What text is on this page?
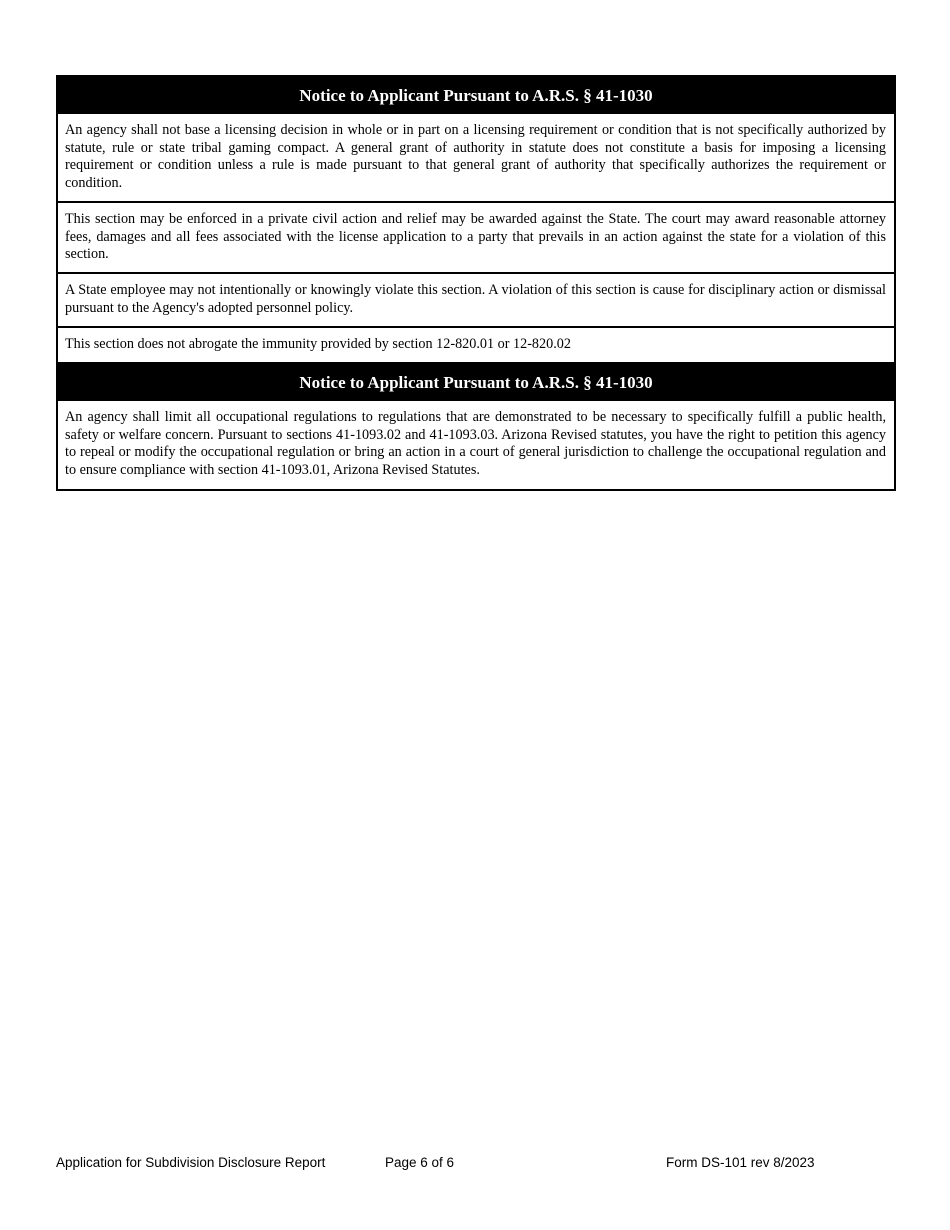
Notice to Applicant Pursuant to A.R.S. § 41-1030
An agency shall not base a licensing decision in whole or in part on a licensing requirement or condition that is not specifically authorized by statute, rule or state tribal gaming compact. A general grant of authority in statute does not constitute a basis for imposing a licensing requirement or condition unless a rule is made pursuant to that general grant of authority that specifically authorizes the requirement or condition.
This section may be enforced in a private civil action and relief may be awarded against the State. The court may award reasonable attorney fees, damages and all fees associated with the license application to a party that prevails in an action against the state for a violation of this section.
A State employee may not intentionally or knowingly violate this section. A violation of this section is cause for disciplinary action or dismissal pursuant to the Agency's adopted personnel policy.
This section does not abrogate the immunity provided by section 12-820.01 or 12-820.02
Notice to Applicant Pursuant to A.R.S. § 41-1030
An agency shall limit all occupational regulations to regulations that are demonstrated to be necessary to specifically fulfill a public health, safety or welfare concern. Pursuant to sections 41-1093.02 and 41-1093.03. Arizona Revised statutes, you have the right to petition this agency to repeal or modify the occupational regulation or bring an action in a court of general jurisdiction to challenge the occupational regulation and to ensure compliance with section 41-1093.01, Arizona Revised Statutes.
Application for Subdivision Disclosure Report	Page 6 of 6	Form DS-101 rev 8/2023
